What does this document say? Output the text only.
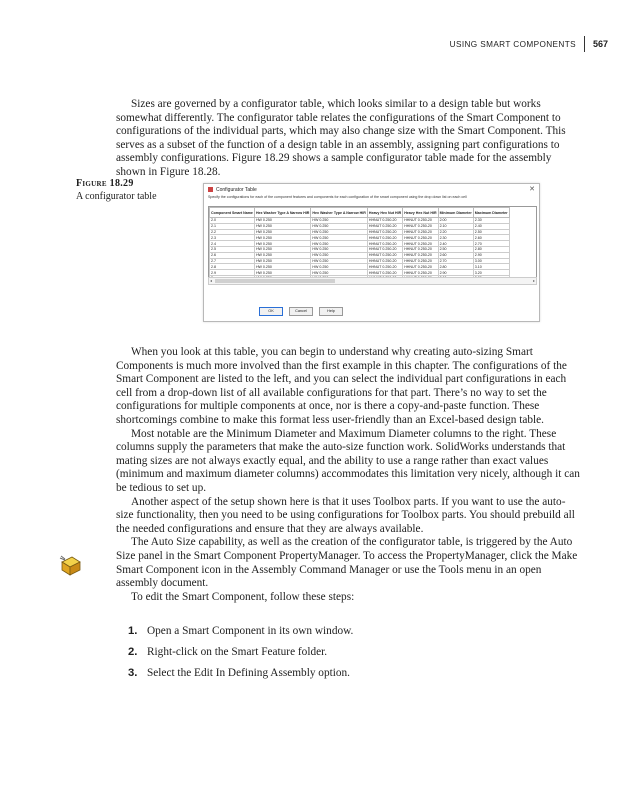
USING SMART COMPONENTS	567

Sizes are governed by a configurator table, which looks similar to a design table but works somewhat differently. The configurator table relates the configurations of the Smart Component to configurations of the individual parts, which may also change size with the Smart Component. This serves as a subset of the function of a design table in an assembly, assigning part configurations to assembly configurations. Figure 18.29 shows a sample configurator table made for the assembly shown in Figure 18.28.

Figure 18.29
A configurator table
Configurator Table	✕
Specify the configurations for each of the component features and components for each configuration of the smart component using the drop down list on each cell
Component Smart Name	Hex Washer Type A Narrow HIR	Hex Washer Type A Narrow HIR	Heavy Hex Nut HIR	Heavy Hex Nut HIR	Minimum Diameter	Maximum Diameter
2.0	HW 0.250	HW 0.250	HHNUT 0.250-20	HHNUT 0.250-20	2.00	2.30
2.1	HW 0.250	HW 0.250	HHNUT 0.250-20	HHNUT 0.250-20	2.10	2.40
2.2	HW 0.250	HW 0.250	HHNUT 0.250-20	HHNUT 0.250-20	2.20	2.50
2.3	HW 0.250	HW 0.250	HHNUT 0.250-20	HHNUT 0.250-20	2.30	2.60
2.4	HW 0.250	HW 0.250	HHNUT 0.250-20	HHNUT 0.250-20	2.40	2.70
2.5	HW 0.250	HW 0.250	HHNUT 0.250-20	HHNUT 0.250-20	2.50	2.80
2.6	HW 0.250	HW 0.250	HHNUT 0.250-20	HHNUT 0.250-20	2.60	2.90
2.7	HW 0.250	HW 0.250	HHNUT 0.250-20	HHNUT 0.250-20	2.70	3.00
2.8	HW 0.250	HW 0.250	HHNUT 0.250-20	HHNUT 0.250-20	2.80	3.10
2.9	HW 0.250	HW 0.250	HHNUT 0.250-20	HHNUT 0.250-20	2.90	3.20

◂	▸
OK	Cancel	Help

When you look at this table, you can begin to understand why creating auto-sizing Smart Components is much more involved than the first example in this chapter. The configurations of the Smart Component are listed to the left, and you can select the individual part configurations in each cell from a drop-down list of all available configurations for that part. There’s no way to set the configurations for multiple components at once, nor is there a copy-and-paste function. These shortcomings combine to make this format less user-friendly than an Excel-based design table.

Most notable are the Minimum Diameter and Maximum Diameter columns to the right. These columns supply the parameters that make the auto-size function work. SolidWorks understands that mating sizes are not always exactly equal, and the ability to use a range rather than exact values (minimum and maximum diameter columns) accommodates this limitation very nicely, although it can be tedious to set up.

Another aspect of the setup shown here is that it uses Toolbox parts. If you want to use the auto-size functionality, then you need to be using configurations for Toolbox parts. You should prebuild all the needed configurations and ensure that they are always available.

The Auto Size capability, as well as the creation of the configurator table, is triggered by the Auto Size panel in the Smart Component PropertyManager. To access the PropertyManager, click the Make Smart Component icon in the Assembly Command Manager or use the Tools menu in an open assembly document.

To edit the Smart Component, follow these steps:

1. Open a Smart Component in its own window.
2. Right-click on the Smart Feature folder.
3. Select the Edit In Defining Assembly option.
